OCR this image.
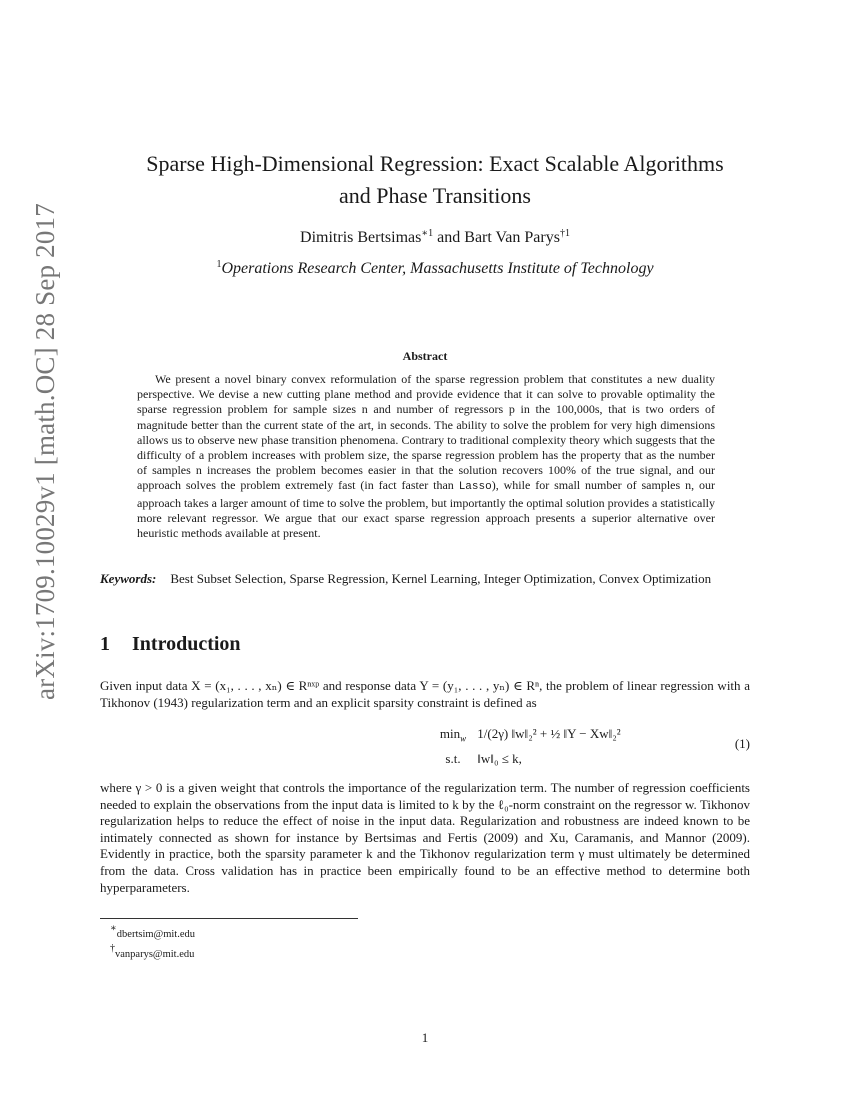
arXiv:1709.10029v1 [math.OC] 28 Sep 2017
Sparse High-Dimensional Regression: Exact Scalable Algorithms
and Phase Transitions
Dimitris Bertsimas$^{∗1}$ and Bart Van Parys$^{\dagger 1}$
$^1$Operations Research Center, Massachusetts Institute of Technology
Abstract
We present a novel binary convex reformulation of the sparse regression problem that constitutes a new duality perspective. We devise a new cutting plane method and provide evidence that it can solve to provable optimality the sparse regression problem for sample sizes n and number of regressors p in the 100,000s, that is two orders of magnitude better than the current state of the art, in seconds. The ability to solve the problem for very high dimensions allows us to observe new phase transition phenomena. Contrary to traditional complexity theory which suggests that the difficulty of a problem increases with problem size, the sparse regression problem has the property that as the number of samples n increases the problem becomes easier in that the solution recovers 100% of the true signal, and our approach solves the problem extremely fast (in fact faster than Lasso), while for small number of samples n, our approach takes a larger amount of time to solve the problem, but importantly the optimal solution provides a statistically more relevant regressor. We argue that our exact sparse regression approach presents a superior alternative over heuristic methods available at present.
Keywords: Best Subset Selection, Sparse Regression, Kernel Learning, Integer Optimization, Convex Optimization
1 Introduction
Given input data X = (x₁, . . . , xₙ) ∈ Rⁿˣᵖ and response data Y = (y₁, . . . , yₙ) ∈ Rⁿ, the problem of linear regression with a Tikhonov (1943) regularization term and an explicit sparsity constraint is defined as
$\min_w 1/(2\gamma)$ ‖w‖₂² + ½ ‖Y − Xw‖₂²
s.t. ‖w‖₀ ≤ k,
(1)
where γ > 0 is a given weight that controls the importance of the regularization term. The number of regression coefficients needed to explain the observations from the input data is limited to k by the ℓ₀-norm constraint on the regressor w. Tikhonov regularization helps to reduce the effect of noise in the input data. Regularization and robustness are indeed known to be intimately connected as shown for instance by Bertsimas and Fertis (2009) and Xu, Caramanis, and Mannor (2009). Evidently in practice, both the sparsity parameter k and the Tikhonov regularization term γ must ultimately be determined from the data. Cross validation has in practice been empirically found to be an effective method to determine both hyperparameters.
∗dbertsim@mit.edu
†vanparys@mit.edu
1
